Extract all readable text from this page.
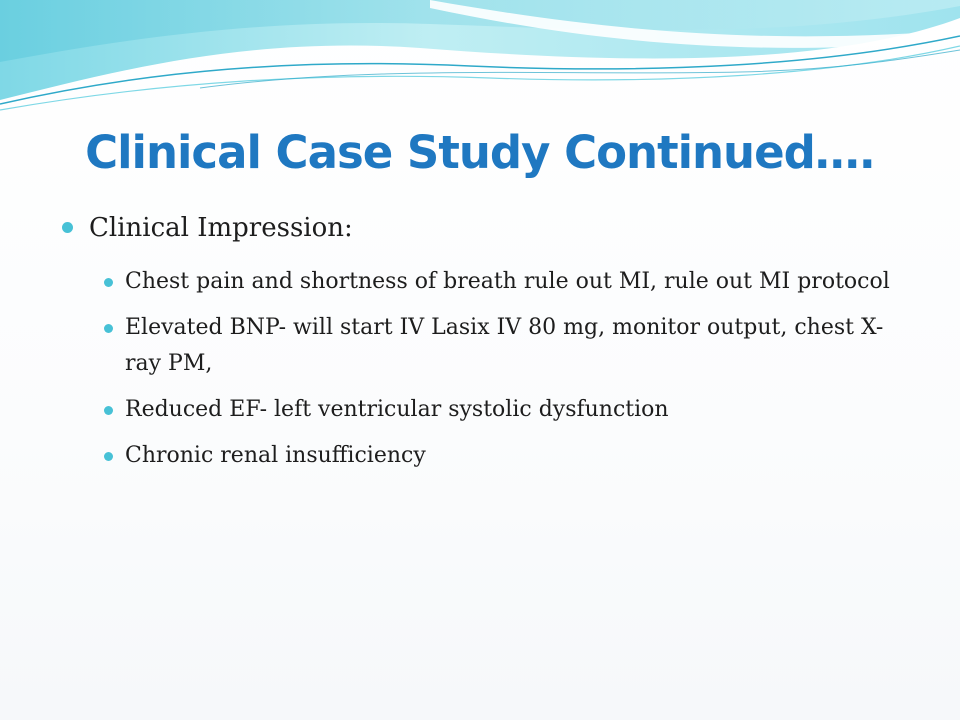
Clinical Case Study Continued….
Clinical Impression:
Chest pain and shortness of breath rule out MI, rule out MI protocol
Elevated BNP- will start IV Lasix IV 80 mg, monitor output, chest X-ray PM,
Reduced EF- left ventricular systolic dysfunction
Chronic renal insufficiency
